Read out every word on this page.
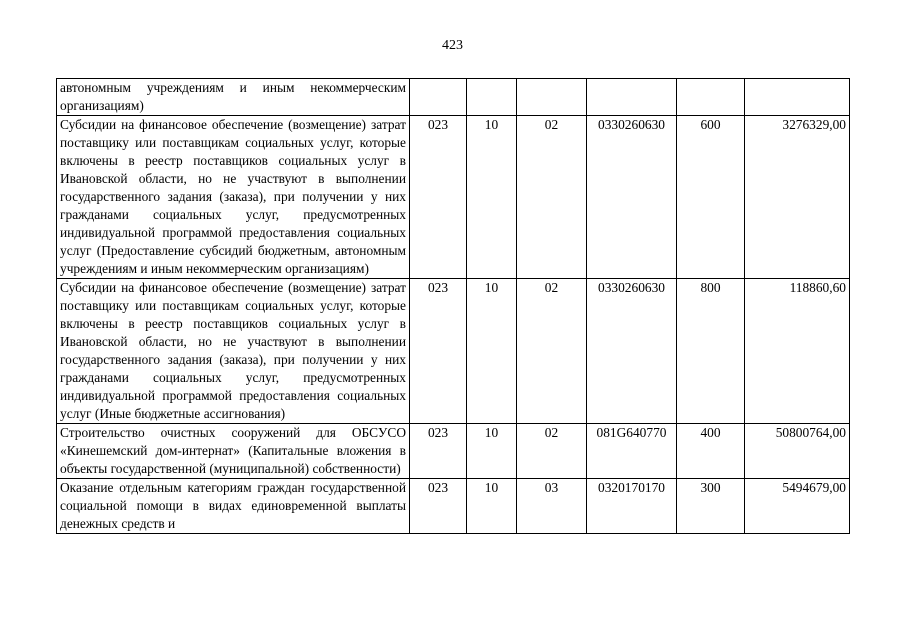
423
автономным учреждениям и иным некоммерческим организациям)						
Субсидии на финансовое обеспечение (возмещение) затрат поставщику или поставщикам социальных услуг, которые включены в реестр поставщиков социальных услуг в Ивановской области, но не участвуют в выполнении государственного задания (заказа), при получении у них гражданами социальных услуг, предусмотренных индивидуальной программой предоставления социальных услуг (Предоставление субсидий бюджетным, автономным учреждениям и иным некоммерческим организациям)	023	10	02	0330260630	600	3276329,00
Субсидии на финансовое обеспечение (возмещение) затрат поставщику или поставщикам социальных услуг, которые включены в реестр поставщиков социальных услуг в Ивановской области, но не участвуют в выполнении государственного задания (заказа), при получении у них гражданами социальных услуг, предусмотренных индивидуальной программой предоставления социальных услуг (Иные бюджетные ассигнования)	023	10	02	0330260630	800	118860,60
Строительство очистных сооружений для ОБСУСО «Кинешемский дом-интернат» (Капитальные вложения в объекты государственной (муниципальной) собственности)	023	10	02	081G640770	400	50800764,00
Оказание отдельным категориям граждан государственной социальной помощи в видах единовременной выплаты денежных средств и	023	10	03	0320170170	300	5494679,00
